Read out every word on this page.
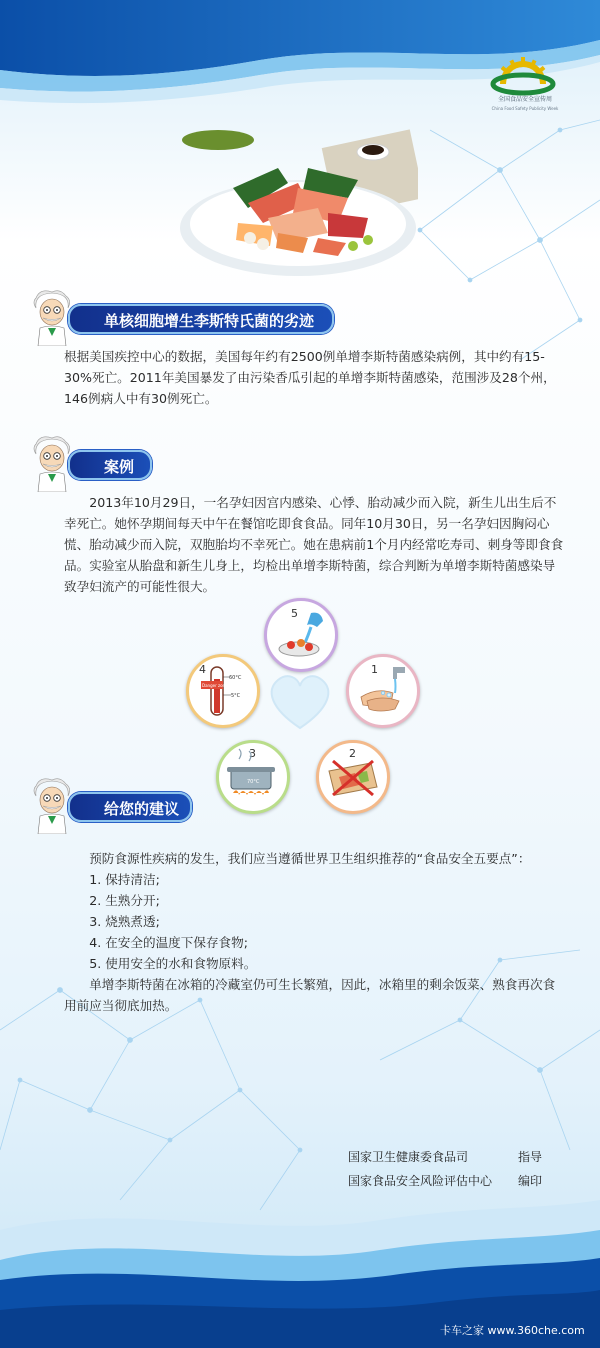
全国食品安全宣传周
China Food Safety Publicity Week
单核细胞增生李斯特氏菌的劣迹

根据美国疾控中心的数据，美国每年约有2500例单增李斯特菌感染病例，其中约有15-30%死亡。2011年美国暴发了由污染香瓜引起的单增李斯特菌感染，范围涉及28个州，146例病人中有30例死亡。

案例

2013年10月29日，一名孕妇因宫内感染、心悸、胎动减少而入院，新生儿出生后不幸死亡。她怀孕期间每天中午在餐馆吃即食食品。同年10月30日，另一名孕妇因胸闷心慌、胎动减少而入院，双胞胎均不幸死亡。她在患病前1个月内经常吃寿司、刺身等即食食品。实验室从胎盘和新生儿身上，均检出单增李斯特菌，综合判断为单增李斯特菌感染导致孕妇流产的可能性很大。

5
1
4
Danger zone!
60°C
5°C
3
70°C
2
给您的建议

预防食源性疾病的发生，我们应当遵循世界卫生组织推荐的“食品安全五要点”：

1. 保持清洁;

2. 生熟分开;

3. 烧熟煮透;

4. 在安全的温度下保存食物;

5. 使用安全的水和食物原料。

单增李斯特菌在冰箱的冷藏室仍可生长繁殖，因此，冰箱里的剩余饭菜、熟食再次食用前应当彻底加热。

国家卫生健康委食品司	指导
国家食品安全风险评估中心 编印
卡车之家 www.360che.com
